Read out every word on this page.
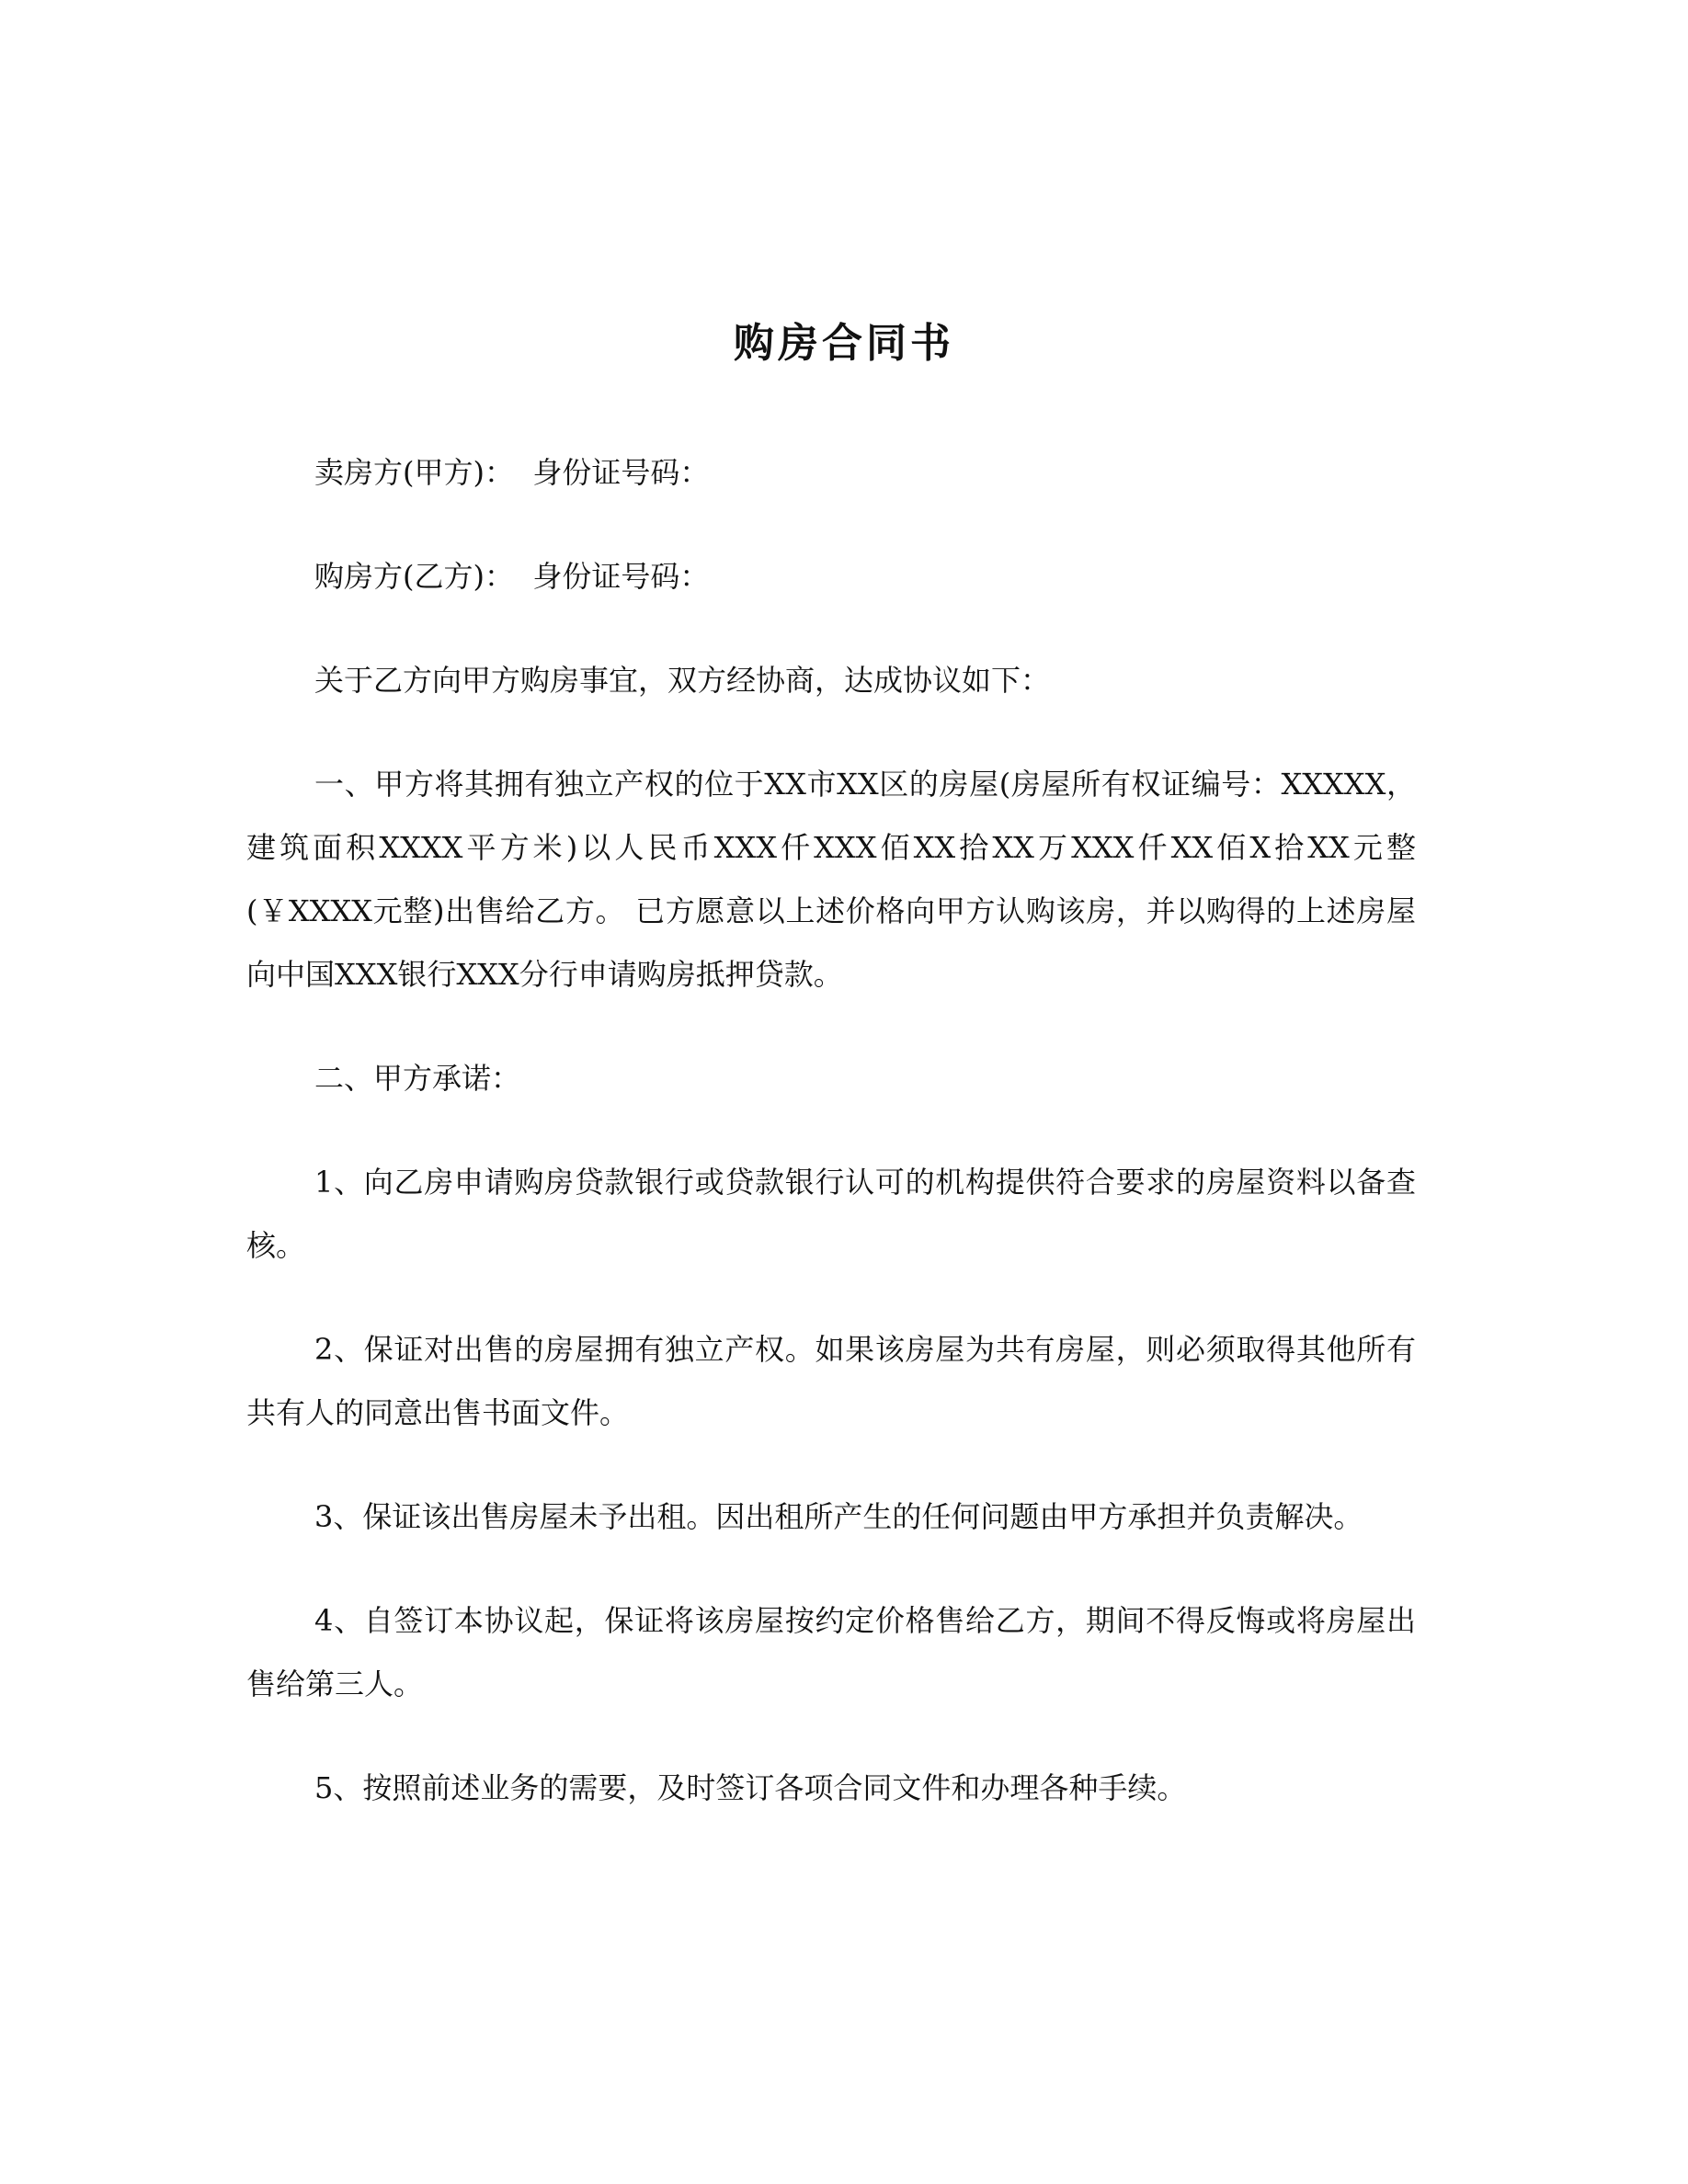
购房合同书

卖房方(甲方)：  身份证号码：

购房方(乙方)：  身份证号码：

关于乙方向甲方购房事宜，双方经协商，达成协议如下：

一、甲方将其拥有独立产权的位于XX市XX区的房屋(房屋所有权证编号：XXXXX，建筑面积XXXX平方米)以人民币XXX仟XXX佰XX拾XX万XXX仟XX佰X拾XX元整(￥XXXX元整)出售给乙方。 已方愿意以上述价格向甲方认购该房，并以购得的上述房屋向中国XXX银行XXX分行申请购房抵押贷款。

二、甲方承诺：

1、向乙房申请购房贷款银行或贷款银行认可的机构提供符合要求的房屋资料以备查核。

2、保证对出售的房屋拥有独立产权。如果该房屋为共有房屋，则必须取得其他所有共有人的同意出售书面文件。

3、保证该出售房屋未予出租。因出租所产生的任何问题由甲方承担并负责解决。

4、自签订本协议起，保证将该房屋按约定价格售给乙方，期间不得反悔或将房屋出售给第三人。

5、按照前述业务的需要，及时签订各项合同文件和办理各种手续。
